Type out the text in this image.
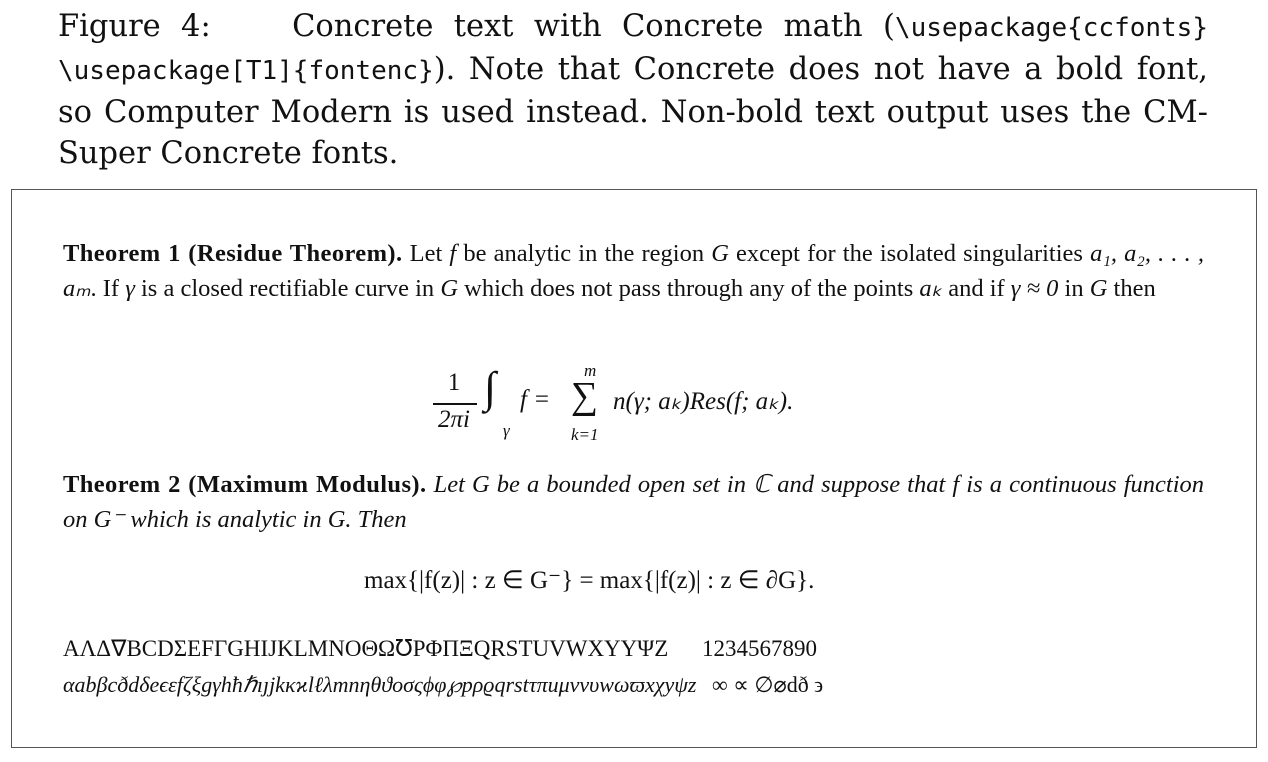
Figure 4:	Concrete text with Concrete math (\usepackage{ccfonts} \usepackage[T1]{fontenc}). Note that Concrete does not have a bold font, so Computer Modern is used instead. Non-bold text output uses the CM-Super Concrete fonts.
Theorem 1 (Residue Theorem). Let f be analytic in the region G except for the isolated singularities a₁, a₂, . . . , aₘ. If γ is a closed rectifiable curve in G which does not pass through any of the points aₖ and if γ ≈ 0 in G then
1
2πi
∫
γ
f =
m
∑
k=1
n(γ; aₖ)Res(f; aₖ).
Theorem 2 (Maximum Modulus). Let G be a bounded open set in ℂ and suppose that f is a continuous function on G⁻ which is analytic in G. Then
max{|f(z)| : z ∈ G⁻} = max{|f(z)| : z ∈ ∂G}.
AΛΔ∇BCDΣEFΓGHIJKLMNOΘΩ℧PΦΠΞQRSTUVWXYΥΨZ 1234567890
αabβcðdδeϵεfζξgγhħℏıȷjkκϰlℓλmnηθϑoσςϕφ℘pρϱqrstτπuμνvυwωϖxχyψz ∞ ∝ ∅⌀dð ϶
